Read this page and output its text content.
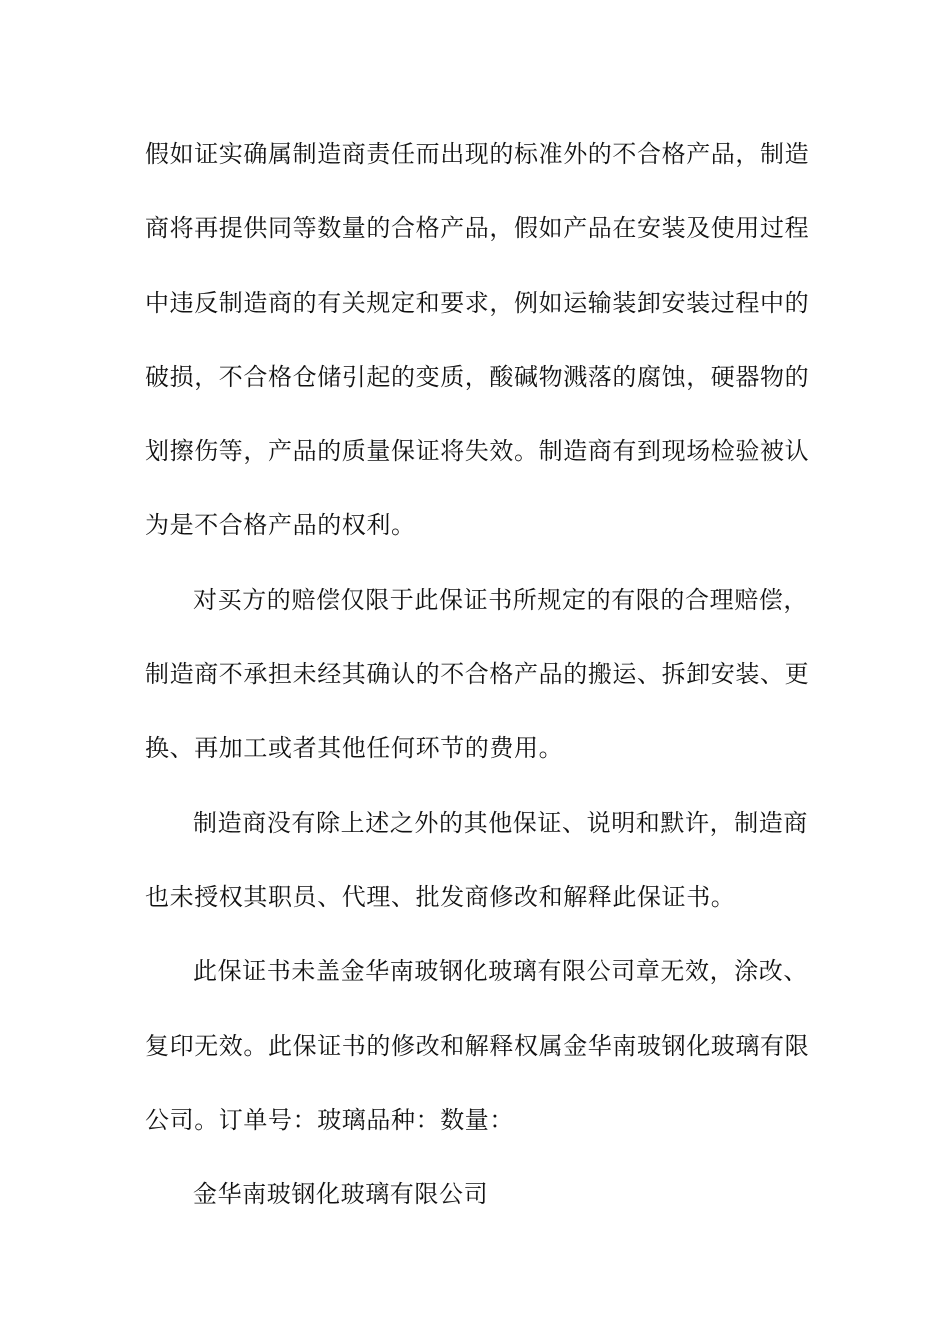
假如证实确属制造商责任而出现的标准外的不合格产品，制造
商将再提供同等数量的合格产品，假如产品在安装及使用过程
中违反制造商的有关规定和要求，例如运输装卸安装过程中的
破损，不合格仓储引起的变质，酸碱物溅落的腐蚀，硬器物的
划擦伤等，产品的质量保证将失效。制造商有到现场检验被认
为是不合格产品的权利。
对买方的赔偿仅限于此保证书所规定的有限的合理赔偿，
制造商不承担未经其确认的不合格产品的搬运、拆卸安装、更
换、再加工或者其他任何环节的费用。
制造商没有除上述之外的其他保证、说明和默许，制造商
也未授权其职员、代理、批发商修改和解释此保证书。
此保证书未盖金华南玻钢化玻璃有限公司章无效，涂改、
复印无效。此保证书的修改和解释权属金华南玻钢化玻璃有限
公司。订单号：玻璃品种：数量：
金华南玻钢化玻璃有限公司
